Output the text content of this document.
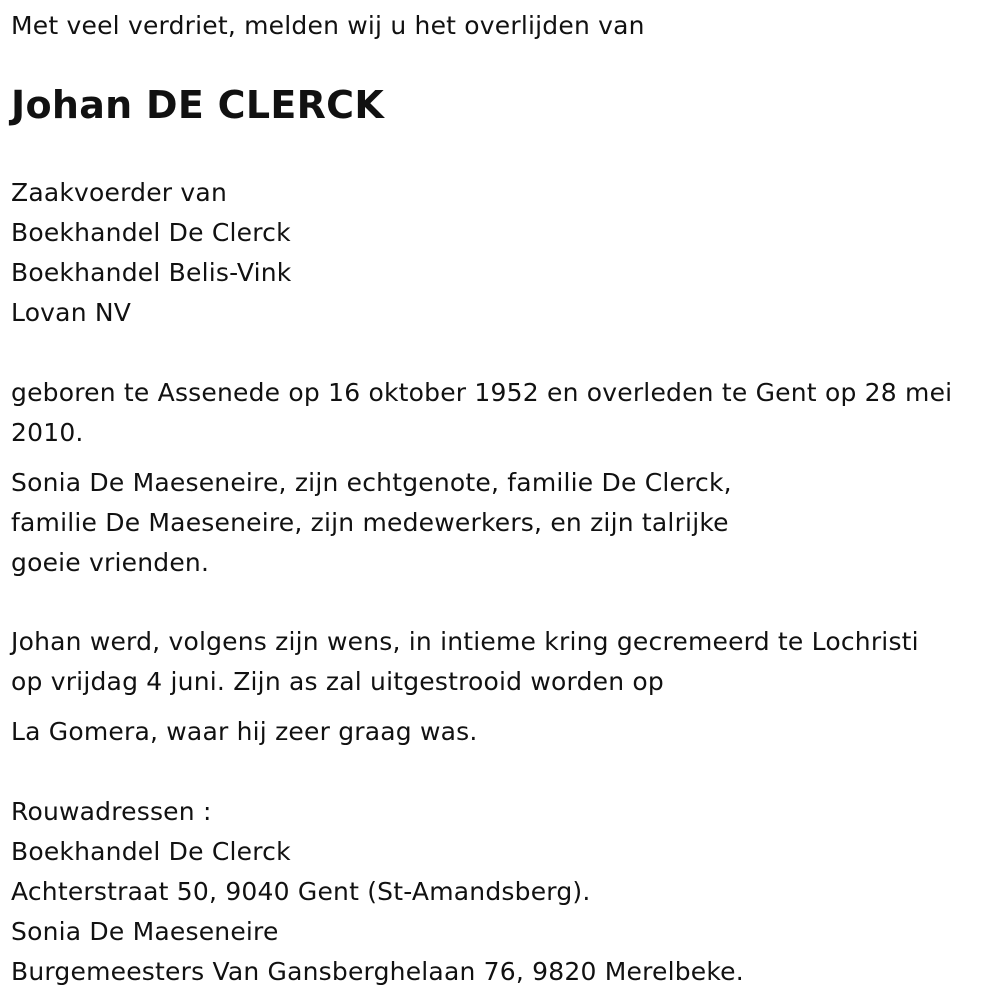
Met veel verdriet, melden wij u het overlijden van
Johan DE CLERCK
Zaakvoerder van
Boekhandel De Clerck
Boekhandel Belis-Vink
Lovan NV
geboren te Assenede op 16 oktober 1952 en overleden te Gent op 28 mei
2010.
Sonia De Maeseneire, zijn echtgenote, familie De Clerck,
familie De Maeseneire, zijn medewerkers, en zijn talrijke
goeie vrienden.
Johan werd, volgens zijn wens, in intieme kring gecremeerd te Lochristi
op vrijdag 4 juni. Zijn as zal uitgestrooid worden op
La Gomera, waar hij zeer graag was.
Rouwadressen :
Boekhandel De Clerck
Achterstraat 50, 9040 Gent (St-Amandsberg).
Sonia De Maeseneire
Burgemeesters Van Gansberghelaan 76, 9820 Merelbeke.
